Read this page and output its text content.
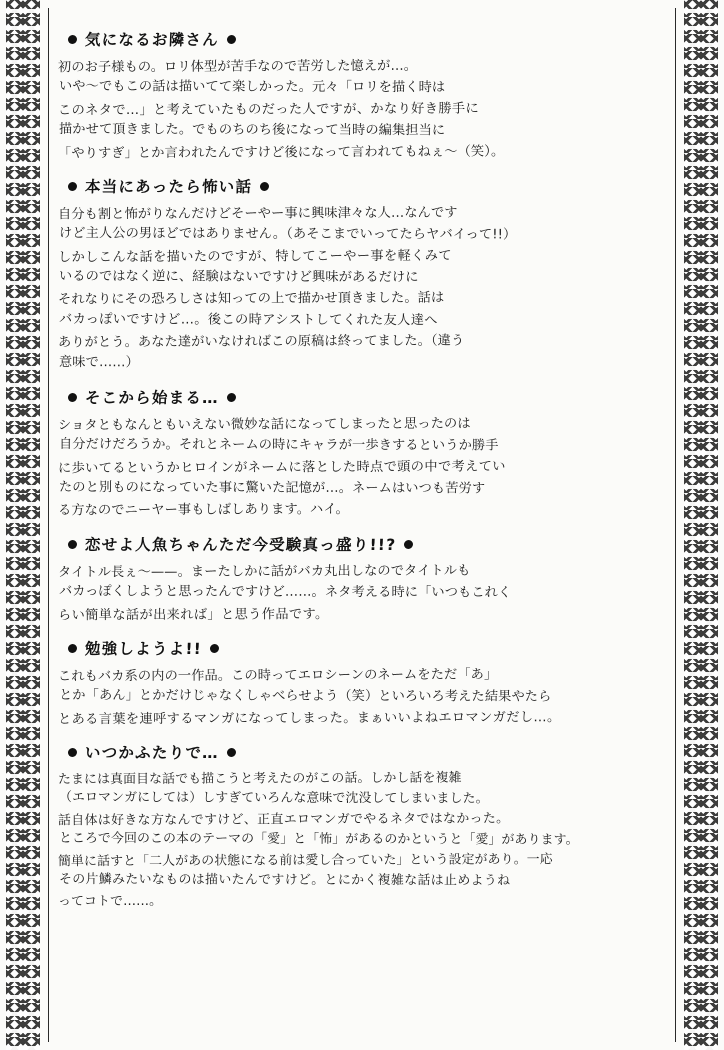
気になるお隣さん
初のお子様もの。ロリ体型が苦手なので苦労した憶えが…。
いや〜でもこの話は描いてて楽しかった。元々「ロリを描く時は
このネタで…」と考えていたものだった人ですが、かなり好き勝手に
描かせて頂きました。でものちのち後になって当時の編集担当に
「やりすぎ」とか言われたんですけど後になって言われてもねぇ〜（笑）。
本当にあったら怖い話
自分も割と怖がりなんだけどそーやー事に興味津々な人…なんです
けど主人公の男ほどではありません。（あそこまでいってたらヤバイって!!）
しかしこんな話を描いたのですが、特してこーやー事を軽くみて
いるのではなく逆に、経験はないですけど興味があるだけに
それなりにその恐ろしさは知っての上で描かせ頂きました。話は
バカっぽいですけど…。後この時アシストしてくれた友人達へ
ありがとう。あなた達がいなければこの原稿は終ってました。（違う
意味で……）
そこから始まる…
ショタともなんともいえない微妙な話になってしまったと思ったのは
自分だけだろうか。それとネームの時にキャラが一歩きするというか勝手
に歩いてるというかヒロインがネームに落とした時点で頭の中で考えてい
たのと別ものになっていた事に驚いた記憶が…。ネームはいつも苦労す
る方なのでニーヤー事もしばしあります。ハイ。
恋せよ人魚ちゃんただ今受験真っ盛り!!?
タイトル長ぇ〜——。まーたしかに話がバカ丸出しなのでタイトルも
バカっぽくしようと思ったんですけど……。ネタ考える時に「いつもこれく
らい簡単な話が出来れば」と思う作品です。
勉強しようよ!!
これもバカ系の内の一作品。この時ってエロシーンのネームをただ「あ」
とか「あん」とかだけじゃなくしゃべらせよう（笑）といろいろ考えた結果やたら
とある言葉を連呼するマンガになってしまった。まぁいいよねエロマンガだし…。
いつかふたりで…
たまには真面目な話でも描こうと考えたのがこの話。しかし話を複雑
（エロマンガにしては）しすぎていろんな意味で沈没してしまいました。
話自体は好きな方なんですけど、正直エロマンガでやるネタではなかった。
ところで今回のこの本のテーマの「愛」と「怖」があるのかというと「愛」があります。
簡単に話すと「二人があの状態になる前は愛し合っていた」という設定があり。一応
その片鱗みたいなものは描いたんですけど。とにかく複雑な話は止めようね
ってコトで……。
